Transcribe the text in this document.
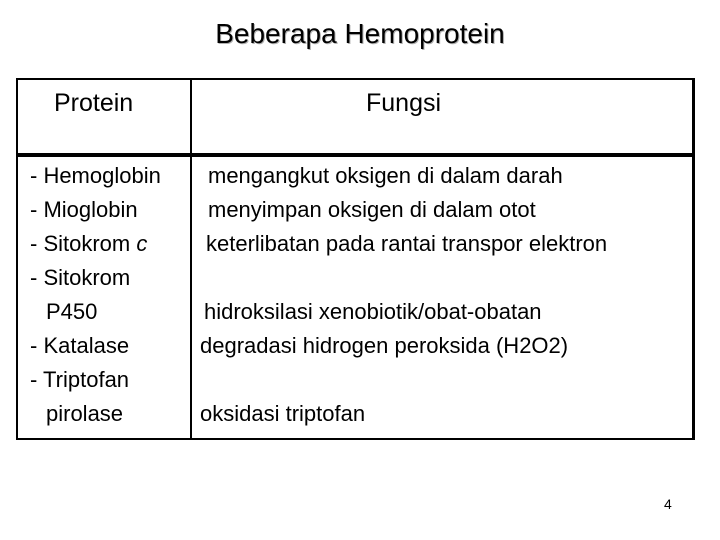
Beberapa Hemoprotein
Protein	Fungsi
- Hemoglobin
- Mioglobin
- Sitokrom c
- Sitokrom
P450
- Katalase
- Triptofan
pirolase
mengangkut oksigen di dalam darah
menyimpan oksigen di dalam otot
keterlibatan pada rantai transpor elektron
hidroksilasi xenobiotik/obat-obatan
degradasi hidrogen peroksida (H2O2)
oksidasi triptofan
4
